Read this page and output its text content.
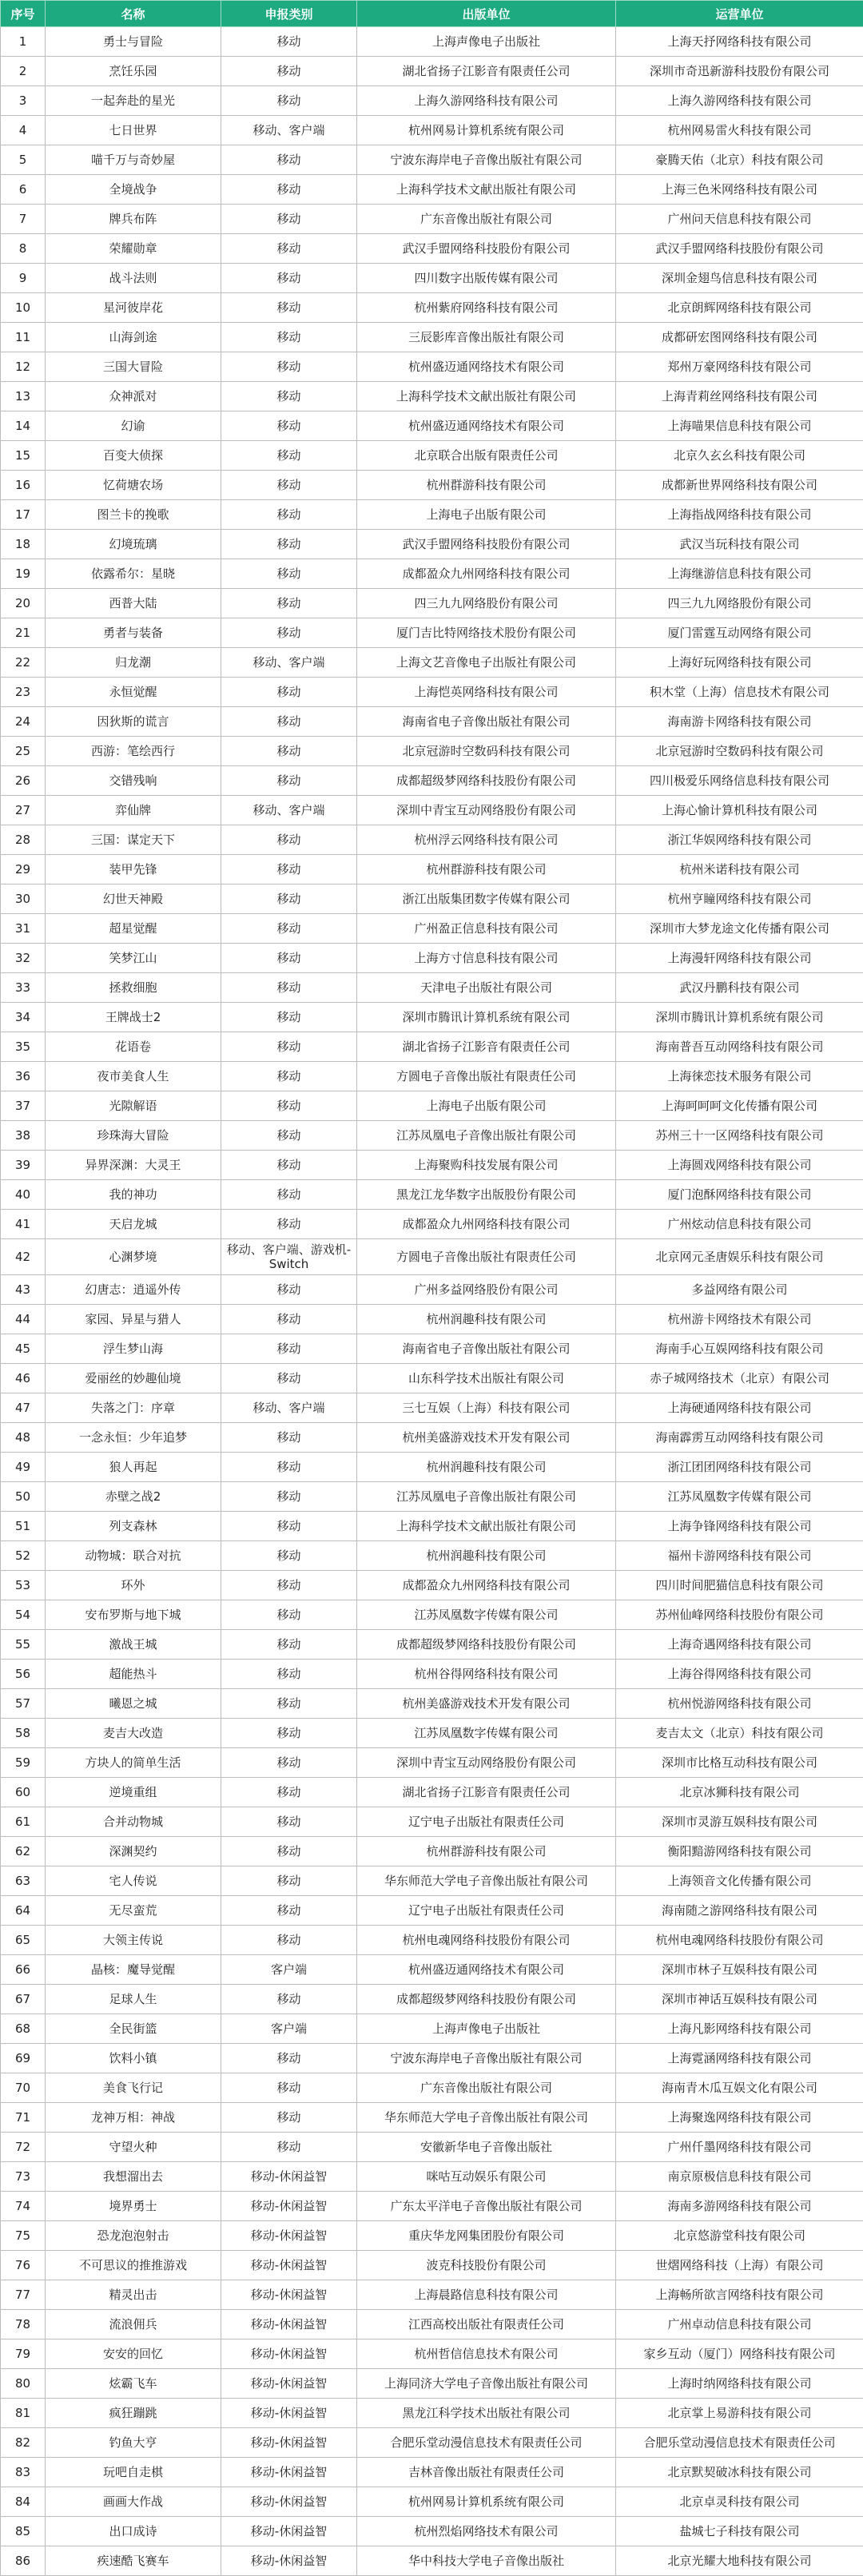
序号	名称	申报类别	出版单位	运营单位
1	勇士与冒险	移动	上海声像电子出版社	上海天抒网络科技有限公司
2	烹饪乐园	移动	湖北省扬子江影音有限责任公司	深圳市奇迅新游科技股份有限公司
3	一起奔赴的星光	移动	上海久游网络科技有限公司	上海久游网络科技有限公司
4	七日世界	移动、客户端	杭州网易计算机系统有限公司	杭州网易雷火科技有限公司
5	喵千万与奇妙屋	移动	宁波东海岸电子音像出版社有限公司	豪腾天佑（北京）科技有限公司
6	全境战争	移动	上海科学技术文献出版社有限公司	上海三色米网络科技有限公司
7	牌兵布阵	移动	广东音像出版社有限公司	广州问天信息科技有限公司
8	荣耀勋章	移动	武汉手盟网络科技股份有限公司	武汉手盟网络科技股份有限公司
9	战斗法则	移动	四川数字出版传媒有限公司	深圳金翅鸟信息科技有限公司
10	星河彼岸花	移动	杭州紫府网络科技有限公司	北京朗辉网络科技有限公司
11	山海剑途	移动	三辰影库音像出版社有限公司	成都研宏图网络科技有限公司
12	三国大冒险	移动	杭州盛迈通网络技术有限公司	郑州万豪网络科技有限公司
13	众神派对	移动	上海科学技术文献出版社有限公司	上海青莉丝网络科技有限公司
14	幻谕	移动	杭州盛迈通网络技术有限公司	上海喵果信息科技有限公司
15	百变大侦探	移动	北京联合出版有限责任公司	北京久玄幺科技有限公司
16	忆荷塘农场	移动	杭州群游科技有限公司	成都新世界网络科技有限公司
17	图兰卡的挽歌	移动	上海电子出版有限公司	上海指战网络科技有限公司
18	幻境琉璃	移动	武汉手盟网络科技股份有限公司	武汉当玩科技有限公司
19	依露希尔：星晓	移动	成都盈众九州网络科技有限公司	上海继游信息科技有限公司
20	西普大陆	移动	四三九九网络股份有限公司	四三九九网络股份有限公司
21	勇者与装备	移动	厦门吉比特网络技术股份有限公司	厦门雷霆互动网络有限公司
22	归龙潮	移动、客户端	上海文艺音像电子出版社有限公司	上海好玩网络科技有限公司
23	永恒觉醒	移动	上海恺英网络科技有限公司	积木堂（上海）信息技术有限公司
24	因狄斯的谎言	移动	海南省电子音像出版社有限公司	海南游卡网络科技有限公司
25	西游：笔绘西行	移动	北京冠游时空数码科技有限公司	北京冠游时空数码科技有限公司
26	交错残响	移动	成都超级梦网络科技股份有限公司	四川极爱乐网络信息科技有限公司
27	弈仙牌	移动、客户端	深圳中青宝互动网络股份有限公司	上海心愉计算机科技有限公司
28	三国：谋定天下	移动	杭州浮云网络科技有限公司	浙江华娱网络科技有限公司
29	装甲先锋	移动	杭州群游科技有限公司	杭州米诺科技有限公司
30	幻世天神殿	移动	浙江出版集团数字传媒有限公司	杭州亨瞳网络科技有限公司
31	超星觉醒	移动	广州盈正信息科技有限公司	深圳市大梦龙途文化传播有限公司
32	笑梦江山	移动	上海方寸信息科技有限公司	上海漫轩网络科技有限公司
33	拯救细胞	移动	天津电子出版社有限公司	武汉丹鹏科技有限公司
34	王牌战士2	移动	深圳市腾讯计算机系统有限公司	深圳市腾讯计算机系统有限公司
35	花语卷	移动	湖北省扬子江影音有限责任公司	海南普吾互动网络科技有限公司
36	夜市美食人生	移动	方圆电子音像出版社有限责任公司	上海徕恋技术服务有限公司
37	光隙解语	移动	上海电子出版有限公司	上海呵呵呵文化传播有限公司
38	珍珠海大冒险	移动	江苏凤凰电子音像出版社有限公司	苏州三十一区网络科技有限公司
39	异界深渊：大灵王	移动	上海聚购科技发展有限公司	上海圆戏网络科技有限公司
40	我的神功	移动	黑龙江龙华数字出版股份有限公司	厦门泡酥网络科技有限公司
41	天启龙城	移动	成都盈众九州网络科技有限公司	广州炫动信息科技有限公司
42	心渊梦境	移动、客户端、游戏机-Switch	方圆电子音像出版社有限责任公司	北京网元圣唐娱乐科技有限公司
43	幻唐志：逍遥外传	移动	广州多益网络股份有限公司	多益网络有限公司
44	家园、异星与猎人	移动	杭州润趣科技有限公司	杭州游卡网络技术有限公司
45	浮生梦山海	移动	海南省电子音像出版社有限公司	海南手心互娱网络科技有限公司
46	爱丽丝的妙趣仙境	移动	山东科学技术出版社有限公司	赤子城网络技术（北京）有限公司
47	失落之门：序章	移动、客户端	三七互娱（上海）科技有限公司	上海硬通网络科技有限公司
48	一念永恒：少年追梦	移动	杭州美盛游戏技术开发有限公司	海南霹雳互动网络科技有限公司
49	狼人再起	移动	杭州润趣科技有限公司	浙江团团网络科技有限公司
50	赤壁之战2	移动	江苏凤凰电子音像出版社有限公司	江苏凤凰数字传媒有限公司
51	列支森林	移动	上海科学技术文献出版社有限公司	上海争锋网络科技有限公司
52	动物城：联合对抗	移动	杭州润趣科技有限公司	福州卡游网络科技有限公司
53	环外	移动	成都盈众九州网络科技有限公司	四川时间肥猫信息科技有限公司
54	安布罗斯与地下城	移动	江苏凤凰数字传媒有限公司	苏州仙峰网络科技股份有限公司
55	激战王城	移动	成都超级梦网络科技股份有限公司	上海奇遇网络科技有限公司
56	超能热斗	移动	杭州谷得网络科技有限公司	上海谷得网络科技有限公司
57	曦恩之城	移动	杭州美盛游戏技术开发有限公司	杭州悦游网络科技有限公司
58	麦吉大改造	移动	江苏凤凰数字传媒有限公司	麦吉太文（北京）科技有限公司
59	方块人的简单生活	移动	深圳中青宝互动网络股份有限公司	深圳市比格互动科技有限公司
60	逆境重组	移动	湖北省扬子江影音有限责任公司	北京冰狮科技有限公司
61	合并动物城	移动	辽宁电子出版社有限责任公司	深圳市灵游互娱科技有限公司
62	深渊契约	移动	杭州群游科技有限公司	衡阳黯游网络科技有限公司
63	宅人传说	移动	华东师范大学电子音像出版社有限公司	上海领音文化传播有限公司
64	无尽蛮荒	移动	辽宁电子出版社有限责任公司	海南随之游网络科技有限公司
65	大领主传说	移动	杭州电魂网络科技股份有限公司	杭州电魂网络科技股份有限公司
66	晶核：魔导觉醒	客户端	杭州盛迈通网络技术有限公司	深圳市林子互娱科技有限公司
67	足球人生	移动	成都超级梦网络科技股份有限公司	深圳市神话互娱科技有限公司
68	全民街篮	客户端	上海声像电子出版社	上海凡影网络科技有限公司
69	饮料小镇	移动	宁波东海岸电子音像出版社有限公司	上海霓涵网络科技有限公司
70	美食飞行记	移动	广东音像出版社有限公司	海南青木瓜互娱文化有限公司
71	龙神万相：神战	移动	华东师范大学电子音像出版社有限公司	上海聚逸网络科技有限公司
72	守望火种	移动	安徽新华电子音像出版社	广州仟墨网络科技有限公司
73	我想溜出去	移动-休闲益智	咪咕互动娱乐有限公司	南京原极信息科技有限公司
74	境界勇士	移动-休闲益智	广东太平洋电子音像出版社有限公司	海南多游网络科技有限公司
75	恐龙泡泡射击	移动-休闲益智	重庆华龙网集团股份有限公司	北京悠游堂科技有限公司
76	不可思议的推推游戏	移动-休闲益智	波克科技股份有限公司	世熠网络科技（上海）有限公司
77	精灵出击	移动-休闲益智	上海晨路信息科技有限公司	上海畅所欲言网络科技有限公司
78	流浪佣兵	移动-休闲益智	江西高校出版社有限责任公司	广州卓动信息科技有限公司
79	安安的回忆	移动-休闲益智	杭州哲信信息技术有限公司	家乡互动（厦门）网络科技有限公司
80	炫霸飞车	移动-休闲益智	上海同济大学电子音像出版社有限公司	上海时纳网络科技有限公司
81	疯狂蹦跳	移动-休闲益智	黑龙江科学技术出版社有限公司	北京掌上易游科技有限公司
82	钓鱼大亨	移动-休闲益智	合肥乐堂动漫信息技术有限责任公司	合肥乐堂动漫信息技术有限责任公司
83	玩吧自走棋	移动-休闲益智	吉林音像出版社有限责任公司	北京默契破冰科技有限公司
84	画画大作战	移动-休闲益智	杭州网易计算机系统有限公司	北京卓灵科技有限公司
85	出口成诗	移动-休闲益智	杭州烈焰网络技术有限公司	盐城七子科技有限公司
86	疾速酷飞赛车	移动-休闲益智	华中科技大学电子音像出版社	北京光耀大地科技有限公司
